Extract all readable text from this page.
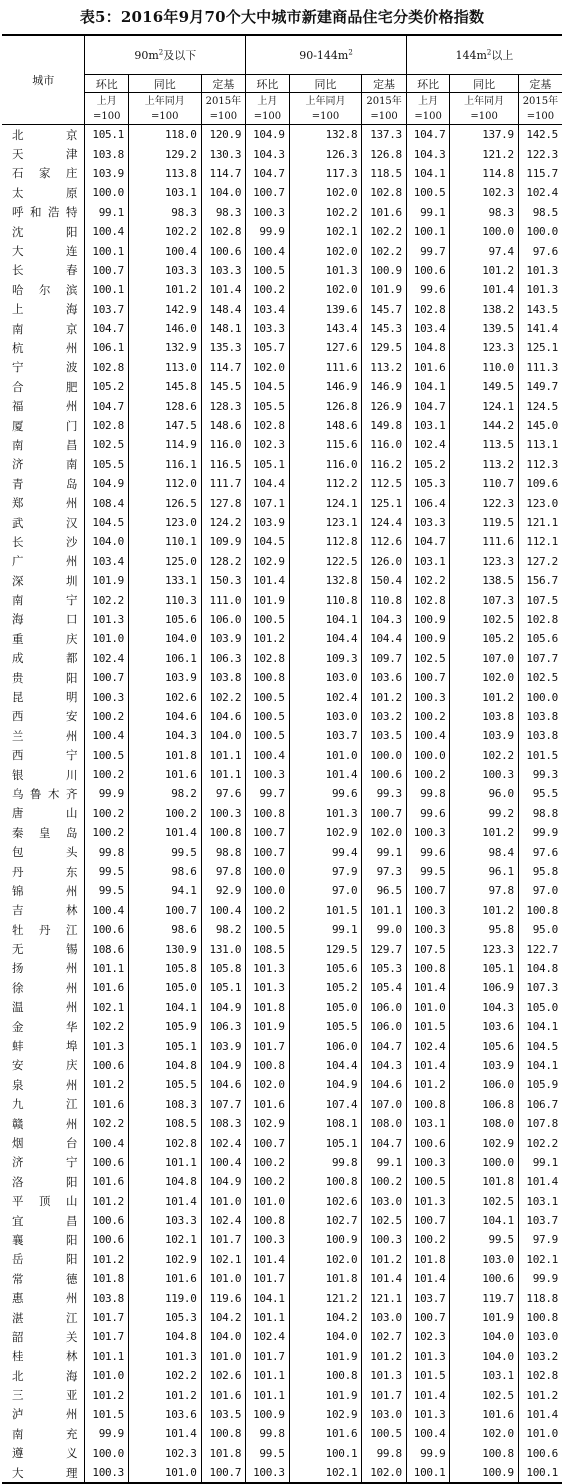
表5：2016年9月70个大中城市新建商品住宅分类价格指数
城市	$90m^2$及以下			$90-144m^2$			$144m^2$以上		
	环比	同比	定基	环比	同比	定基	环比	同比	定基
	上月	上年同月	2015年	上月	上年同月	2015年	上月	上年同月	2015年
	=100	=100	=100	=100	=100	=100	=100	=100	=100
北　京	105.1	118.0	120.9	104.9	132.8	137.3	104.7	137.9	142.5
天　津	103.8	129.2	130.3	104.3	126.3	126.8	104.3	121.2	122.3
石家庄	103.9	113.8	114.7	104.7	117.3	118.5	104.1	114.8	115.7
太　原	100.0	103.1	104.0	100.7	102.0	102.8	100.5	102.3	102.4
呼和浩特	99.1	98.3	98.3	100.3	102.2	101.6	99.1	98.3	98.5
沈　阳	100.4	102.2	102.8	99.9	102.1	102.2	100.1	100.0	100.0
大　连	100.1	100.4	100.6	100.4	102.0	102.2	99.7	97.4	97.6
长　春	100.7	103.3	103.3	100.5	101.3	100.9	100.6	101.2	101.3
哈尔滨	100.1	101.2	101.4	100.2	102.0	101.9	99.6	101.4	101.3
上　海	103.7	142.9	148.4	103.4	139.6	145.7	102.8	138.2	143.5
南　京	104.7	146.0	148.1	103.3	143.4	145.3	103.4	139.5	141.4
杭　州	106.1	132.9	135.3	105.7	127.6	129.5	104.8	123.3	125.1
宁　波	102.8	113.0	114.7	102.0	111.6	113.2	101.6	110.0	111.3
合　肥	105.2	145.8	145.5	104.5	146.9	146.9	104.1	149.5	149.7
福　州	104.7	128.6	128.3	105.5	126.8	126.9	104.7	124.1	124.5
厦　门	102.8	147.5	148.6	102.8	148.6	149.8	103.1	144.2	145.0
南　昌	102.5	114.9	116.0	102.3	115.6	116.0	102.4	113.5	113.1
济　南	105.5	116.1	116.5	105.1	116.0	116.2	105.2	113.2	112.3
青　岛	104.9	112.0	111.7	104.4	112.2	112.5	105.3	110.7	109.6
郑　州	108.4	126.5	127.8	107.1	124.1	125.1	106.4	122.3	123.0
武　汉	104.5	123.0	124.2	103.9	123.1	124.4	103.3	119.5	121.1
长　沙	104.0	110.1	109.9	104.5	112.8	112.6	104.7	111.6	112.1
广　州	103.4	125.0	128.2	102.9	122.5	126.0	103.1	123.3	127.2
深　圳	101.9	133.1	150.3	101.4	132.8	150.4	102.2	138.5	156.7
南　宁	102.2	110.3	111.0	101.9	110.8	110.8	102.8	107.3	107.5
海　口	101.3	105.6	106.0	100.5	104.1	104.3	100.9	102.5	102.8
重　庆	101.0	104.0	103.9	101.2	104.4	104.4	100.9	105.2	105.6
成　都	102.4	106.1	106.3	102.8	109.3	109.7	102.5	107.0	107.7
贵　阳	100.7	103.9	103.8	100.8	103.0	103.6	100.7	102.0	102.5
昆　明	100.3	102.6	102.2	100.5	102.4	101.2	100.3	101.2	100.0
西　安	100.2	104.6	104.6	100.5	103.0	103.2	100.2	103.8	103.8
兰　州	100.4	104.3	104.0	100.5	103.7	103.5	100.4	103.9	103.8
西　宁	100.5	101.8	101.1	100.4	101.0	100.0	100.0	102.2	101.5
银　川	100.2	101.6	101.1	100.3	101.4	100.6	100.2	100.3	99.3
乌鲁木齐	99.9	98.2	97.6	99.7	99.6	99.3	99.8	96.0	95.5
唐　山	100.2	100.2	100.3	100.8	101.3	100.7	99.6	99.2	98.8
秦皇岛	100.2	101.4	100.8	100.7	102.9	102.0	100.3	101.2	99.9
包　头	99.8	99.5	98.8	100.7	99.4	99.1	99.6	98.4	97.6
丹　东	99.5	98.6	97.8	100.0	97.9	97.3	99.5	96.1	95.8
锦　州	99.5	94.1	92.9	100.0	97.0	96.5	100.7	97.8	97.0
吉　林	100.4	100.7	100.4	100.2	101.5	101.1	100.3	101.2	100.8
牡丹江	100.6	98.6	98.2	100.5	99.1	99.0	100.3	95.8	95.0
无　锡	108.6	130.9	131.0	108.5	129.5	129.7	107.5	123.3	122.7
扬　州	101.1	105.8	105.8	101.3	105.6	105.3	100.8	105.1	104.8
徐　州	101.6	105.0	105.1	101.3	105.2	105.4	101.4	106.9	107.3
温　州	102.1	104.1	104.9	101.8	105.0	106.0	101.0	104.3	105.0
金　华	102.2	105.9	106.3	101.9	105.5	106.0	101.5	103.6	104.1
蚌　埠	101.3	105.1	103.9	101.7	106.0	104.7	102.4	105.6	104.5
安　庆	100.6	104.8	104.9	100.8	104.4	104.3	101.4	103.9	104.1
泉　州	101.2	105.5	104.6	102.0	104.9	104.6	101.2	106.0	105.9
九　江	101.6	108.3	107.7	101.6	107.4	107.0	100.8	106.8	106.7
赣　州	102.2	108.5	108.3	102.9	108.1	108.0	103.1	108.0	107.8
烟　台	100.4	102.8	102.4	100.7	105.1	104.7	100.6	102.9	102.2
济　宁	100.6	101.1	100.4	100.2	99.8	99.1	100.3	100.0	99.1
洛　阳	101.6	104.8	104.9	100.2	100.8	100.2	100.5	101.8	101.4
平顶山	101.2	101.4	101.0	101.0	102.6	103.0	101.3	102.5	103.1
宜　昌	100.6	103.3	102.4	100.8	102.7	102.5	100.7	104.1	103.7
襄　阳	100.6	102.1	101.7	100.3	100.9	100.3	100.2	99.5	97.9
岳　阳	101.2	102.9	102.1	101.4	102.0	101.2	101.8	103.0	102.1
常　德	101.8	101.6	101.0	101.7	101.8	101.4	101.4	100.6	99.9
惠　州	103.8	119.0	119.6	104.1	121.2	121.1	103.7	119.7	118.8
湛　江	101.7	105.3	104.2	101.1	104.2	103.0	100.7	101.9	100.8
韶　关	101.7	104.8	104.0	102.4	104.0	102.7	102.3	104.0	103.0
桂　林	101.1	101.3	101.0	101.7	101.9	101.2	101.3	104.0	103.2
北　海	101.0	102.2	102.6	101.1	100.8	101.3	101.5	103.1	102.8
三　亚	101.2	101.2	101.6	101.1	101.9	101.7	101.4	102.5	101.2
泸　州	101.5	103.6	103.5	100.9	102.9	103.0	101.3	101.6	101.4
南　充	99.9	101.4	100.8	99.8	101.6	100.5	100.4	102.0	101.0
遵　义	100.0	102.3	101.8	99.5	100.1	99.8	99.9	100.8	100.6
大　理	100.3	101.0	100.7	100.3	102.1	102.0	100.1	100.9	100.1
